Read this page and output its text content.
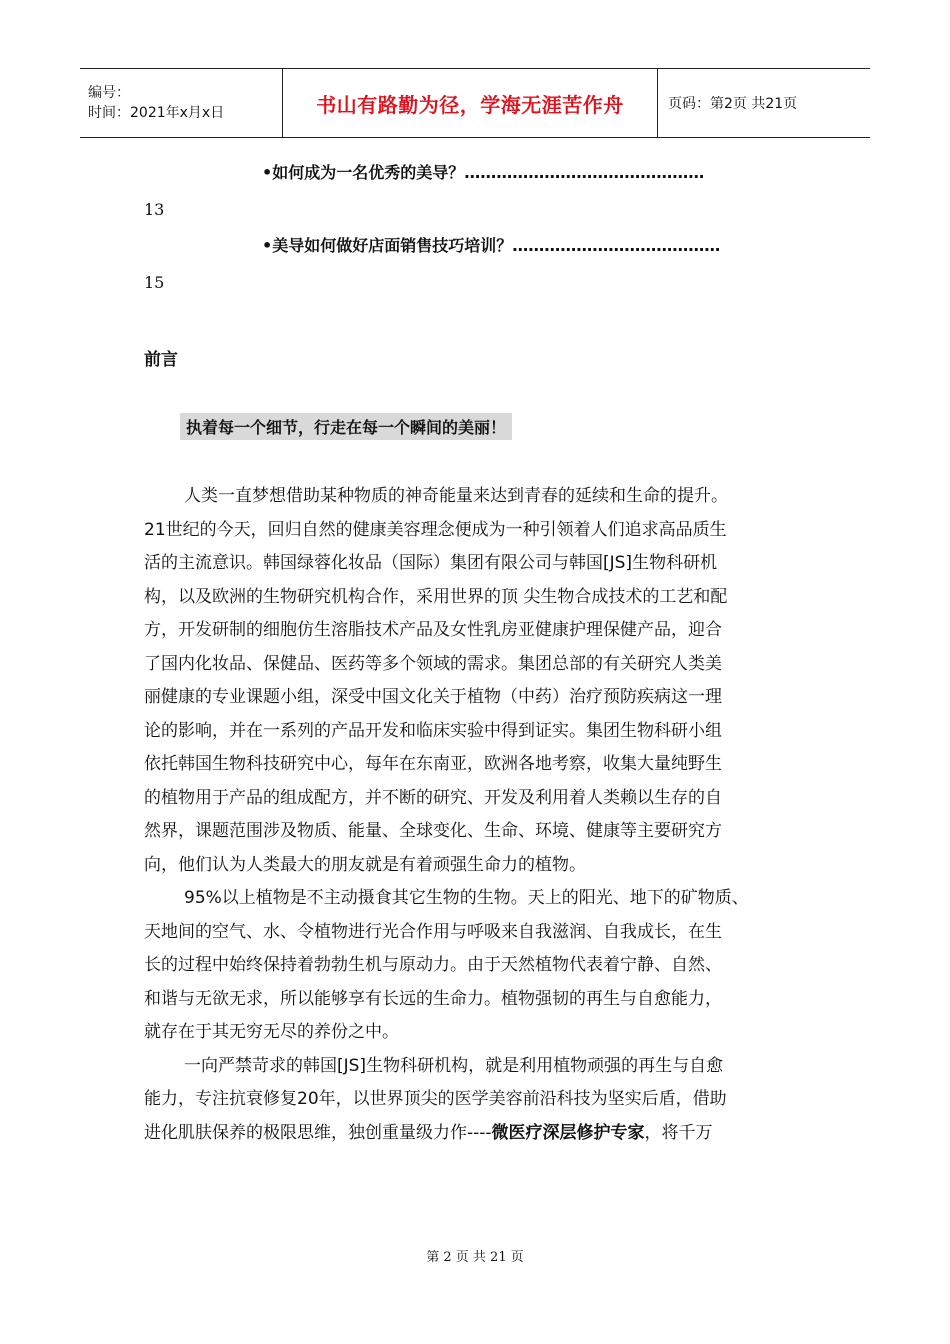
编号：
时间：2021年x月x日	书山有路勤为径，学海无涯苦作舟	页码：第2页 共21页
•如何成为一名优秀的美导？………………………………………
13
•美导如何做好店面销售技巧培训？…………………………………
15
前言
执着每一个细节，行走在每一个瞬间的美丽！

人类一直梦想借助某种物质的神奇能量来达到青春的延续和生命的提升。
21世纪的今天，回归自然的健康美容理念便成为一种引领着人们追求高品质生
活的主流意识。韩国绿蓉化妆品（国际）集团有限公司与韩国[JS]生物科研机
构，以及欧洲的生物研究机构合作，采用世界的顶 尖生物合成技术的工艺和配
方，开发研制的细胞仿生溶脂技术产品及女性乳房亚健康护理保健产品，迎合
了国内化妆品、保健品、医药等多个领域的需求。集团总部的有关研究人类美
丽健康的专业课题小组，深受中国文化关于植物（中药）治疗预防疾病这一理
论的影响，并在一系列的产品开发和临床实验中得到证实。集团生物科研小组
依托韩国生物科技研究中心，每年在东南亚，欧洲各地考察，收集大量纯野生
的植物用于产品的组成配方，并不断的研究、开发及利用着人类赖以生存的自
然界，课题范围涉及物质、能量、全球变化、生命、环境、健康等主要研究方
向，他们认为人类最大的朋友就是有着顽强生命力的植物。

95%以上植物是不主动摄食其它生物的生物。天上的阳光、地下的矿物质、
天地间的空气、水、令植物进行光合作用与呼吸来自我滋润、自我成长，在生
长的过程中始终保持着勃勃生机与原动力。由于天然植物代表着宁静、自然、
和谐与无欲无求，所以能够享有长远的生命力。植物强韧的再生与自愈能力，
就存在于其无穷无尽的养份之中。

一向严禁苛求的韩国[JS]生物科研机构，就是利用植物顽强的再生与自愈
能力，专注抗衰修复20年，以世界顶尖的医学美容前沿科技为坚实后盾，借助
进化肌肤保养的极限思维，独创重量级力作----微医疗深层修护专家，将千万

第 2 页 共 21 页
